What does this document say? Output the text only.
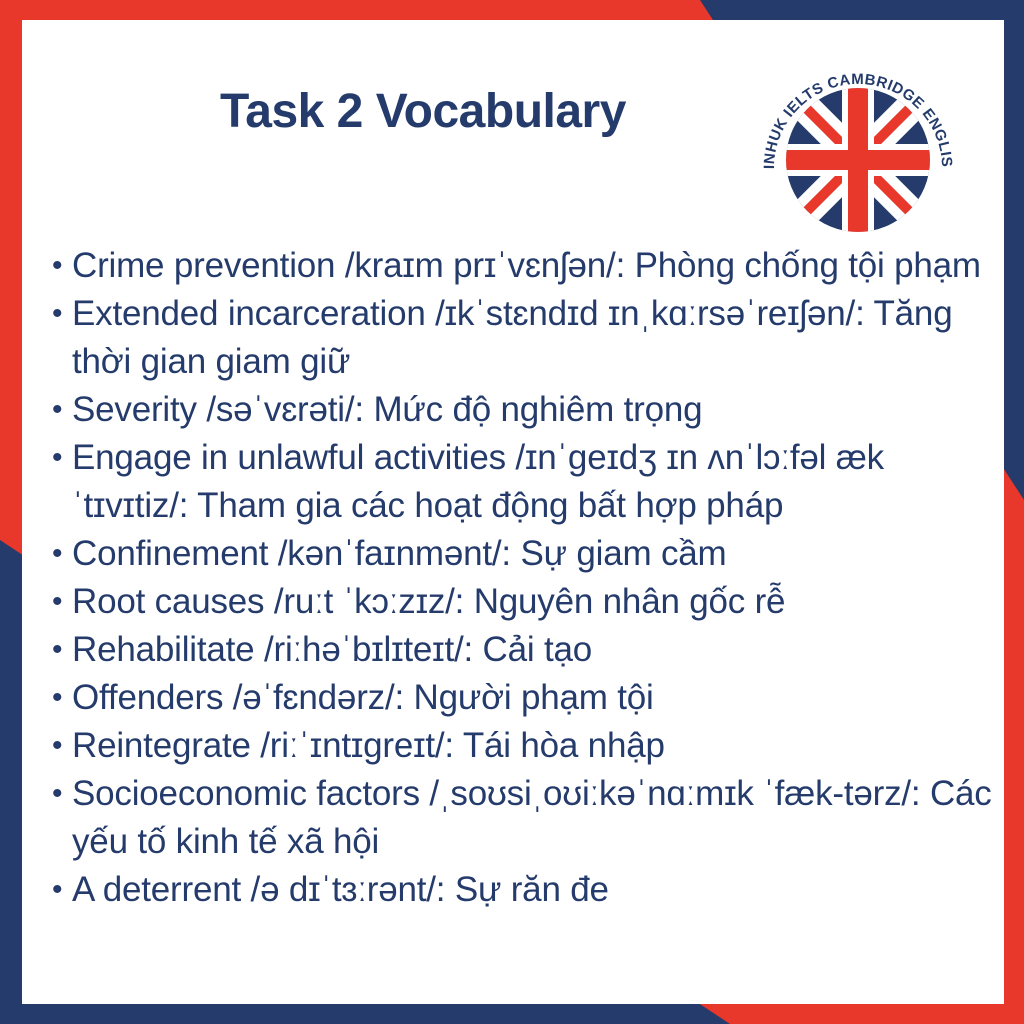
Task 2 Vocabulary
INHUK IELTS CAMBRIDGE ENGLIS
• Crime prevention /kraɪm prɪˈvɛnʃən/: Phòng chống tội phạm
• Extended incarceration /ɪkˈstɛndɪd ɪnˌkɑːrsəˈreɪʃən/: Tăng thời gian giam giữ
• Severity /səˈvɛrəti/: Mức độ nghiêm trọng
• Engage in unlawful activities /ɪnˈɡeɪdʒ ɪn ʌnˈlɔːfəl ækˈtɪvɪtiz/: Tham gia các hoạt động bất hợp pháp
• Confinement /kənˈfaɪnmənt/: Sự giam cầm
• Root causes /ruːt ˈkɔːzɪz/: Nguyên nhân gốc rễ
• Rehabilitate /riːhəˈbɪlɪteɪt/: Cải tạo
• Offenders /əˈfɛndərz/: Người phạm tội
• Reintegrate /riːˈɪntɪɡreɪt/: Tái hòa nhập
• Socioeconomic factors /ˌsoʊsiˌoʊiːkəˈnɑːmɪk ˈfæk-tərz/: Các yếu tố kinh tế xã hội
• A deterrent /ə dɪˈtɜːrənt/: Sự răn đe
